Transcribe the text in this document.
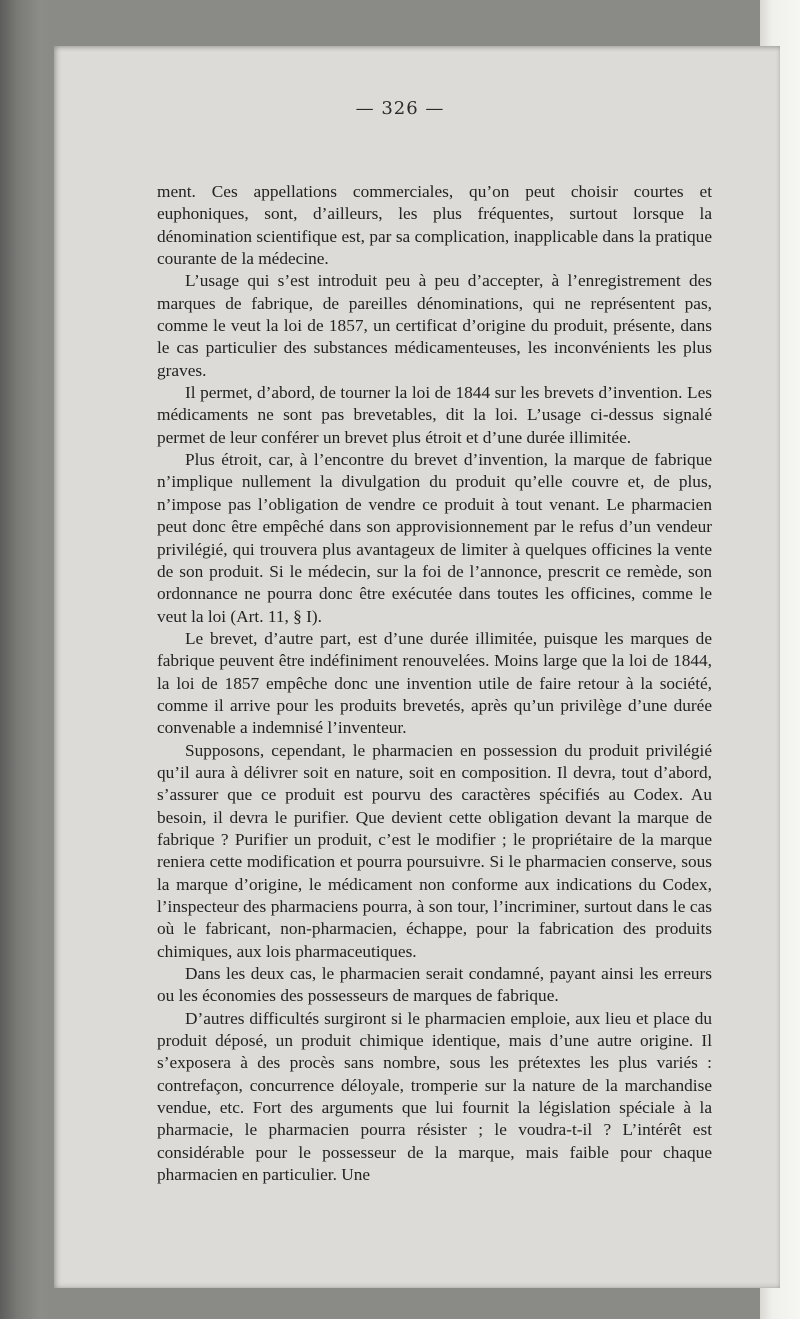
— 326 —

ment. Ces appellations commerciales, qu’on peut choisir courtes et euphoniques, sont, d’ailleurs, les plus fréquentes, surtout lorsque la dénomination scientifique est, par sa complication, inapplicable dans la pratique courante de la médecine.

L’usage qui s’est introduit peu à peu d’accepter, à l’enregistrement des marques de fabrique, de pareilles dénominations, qui ne représentent pas, comme le veut la loi de 1857, un certificat d’origine du produit, présente, dans le cas particulier des substances médicamenteuses, les inconvénients les plus graves.

Il permet, d’abord, de tourner la loi de 1844 sur les brevets d’invention. Les médicaments ne sont pas brevetables, dit la loi. L’usage ci-dessus signalé permet de leur conférer un brevet plus étroit et d’une durée illimitée.

Plus étroit, car, à l’encontre du brevet d’invention, la marque de fabrique n’implique nullement la divulgation du produit qu’elle couvre et, de plus, n’impose pas l’obligation de vendre ce produit à tout venant. Le pharmacien peut donc être empêché dans son approvisionnement par le refus d’un vendeur privilégié, qui trouvera plus avantageux de limiter à quelques officines la vente de son produit. Si le médecin, sur la foi de l’annonce, prescrit ce remède, son ordonnance ne pourra donc être exécutée dans toutes les officines, comme le veut la loi (Art. 11, § I).

Le brevet, d’autre part, est d’une durée illimitée, puisque les marques de fabrique peuvent être indéfiniment renouvelées. Moins large que la loi de 1844, la loi de 1857 empêche donc une invention utile de faire retour à la société, comme il arrive pour les produits brevetés, après qu’un privilège d’une durée convenable a indemnisé l’inventeur.

Supposons, cependant, le pharmacien en possession du produit privilégié qu’il aura à délivrer soit en nature, soit en composition. Il devra, tout d’abord, s’assurer que ce produit est pourvu des caractères spécifiés au Codex. Au besoin, il devra le purifier. Que devient cette obligation devant la marque de fabrique ? Purifier un produit, c’est le modifier ; le propriétaire de la marque reniera cette modification et pourra poursuivre. Si le pharmacien conserve, sous la marque d’origine, le médicament non conforme aux indications du Codex, l’inspecteur des pharmaciens pourra, à son tour, l’incriminer, surtout dans le cas où le fabricant, non-pharmacien, échappe, pour la fabrication des produits chimiques, aux lois pharmaceutiques.

Dans les deux cas, le pharmacien serait condamné, payant ainsi les erreurs ou les économies des possesseurs de marques de fabrique.

D’autres difficultés surgiront si le pharmacien emploie, aux lieu et place du produit déposé, un produit chimique identique, mais d’une autre origine. Il s’exposera à des procès sans nombre, sous les prétextes les plus variés : contrefaçon, concurrence déloyale, tromperie sur la nature de la marchandise vendue, etc. Fort des arguments que lui fournit la législation spéciale à la pharmacie, le pharmacien pourra résister ; le voudra-t-il ? L’intérêt est considérable pour le possesseur de la marque, mais faible pour chaque pharmacien en particulier. Une
